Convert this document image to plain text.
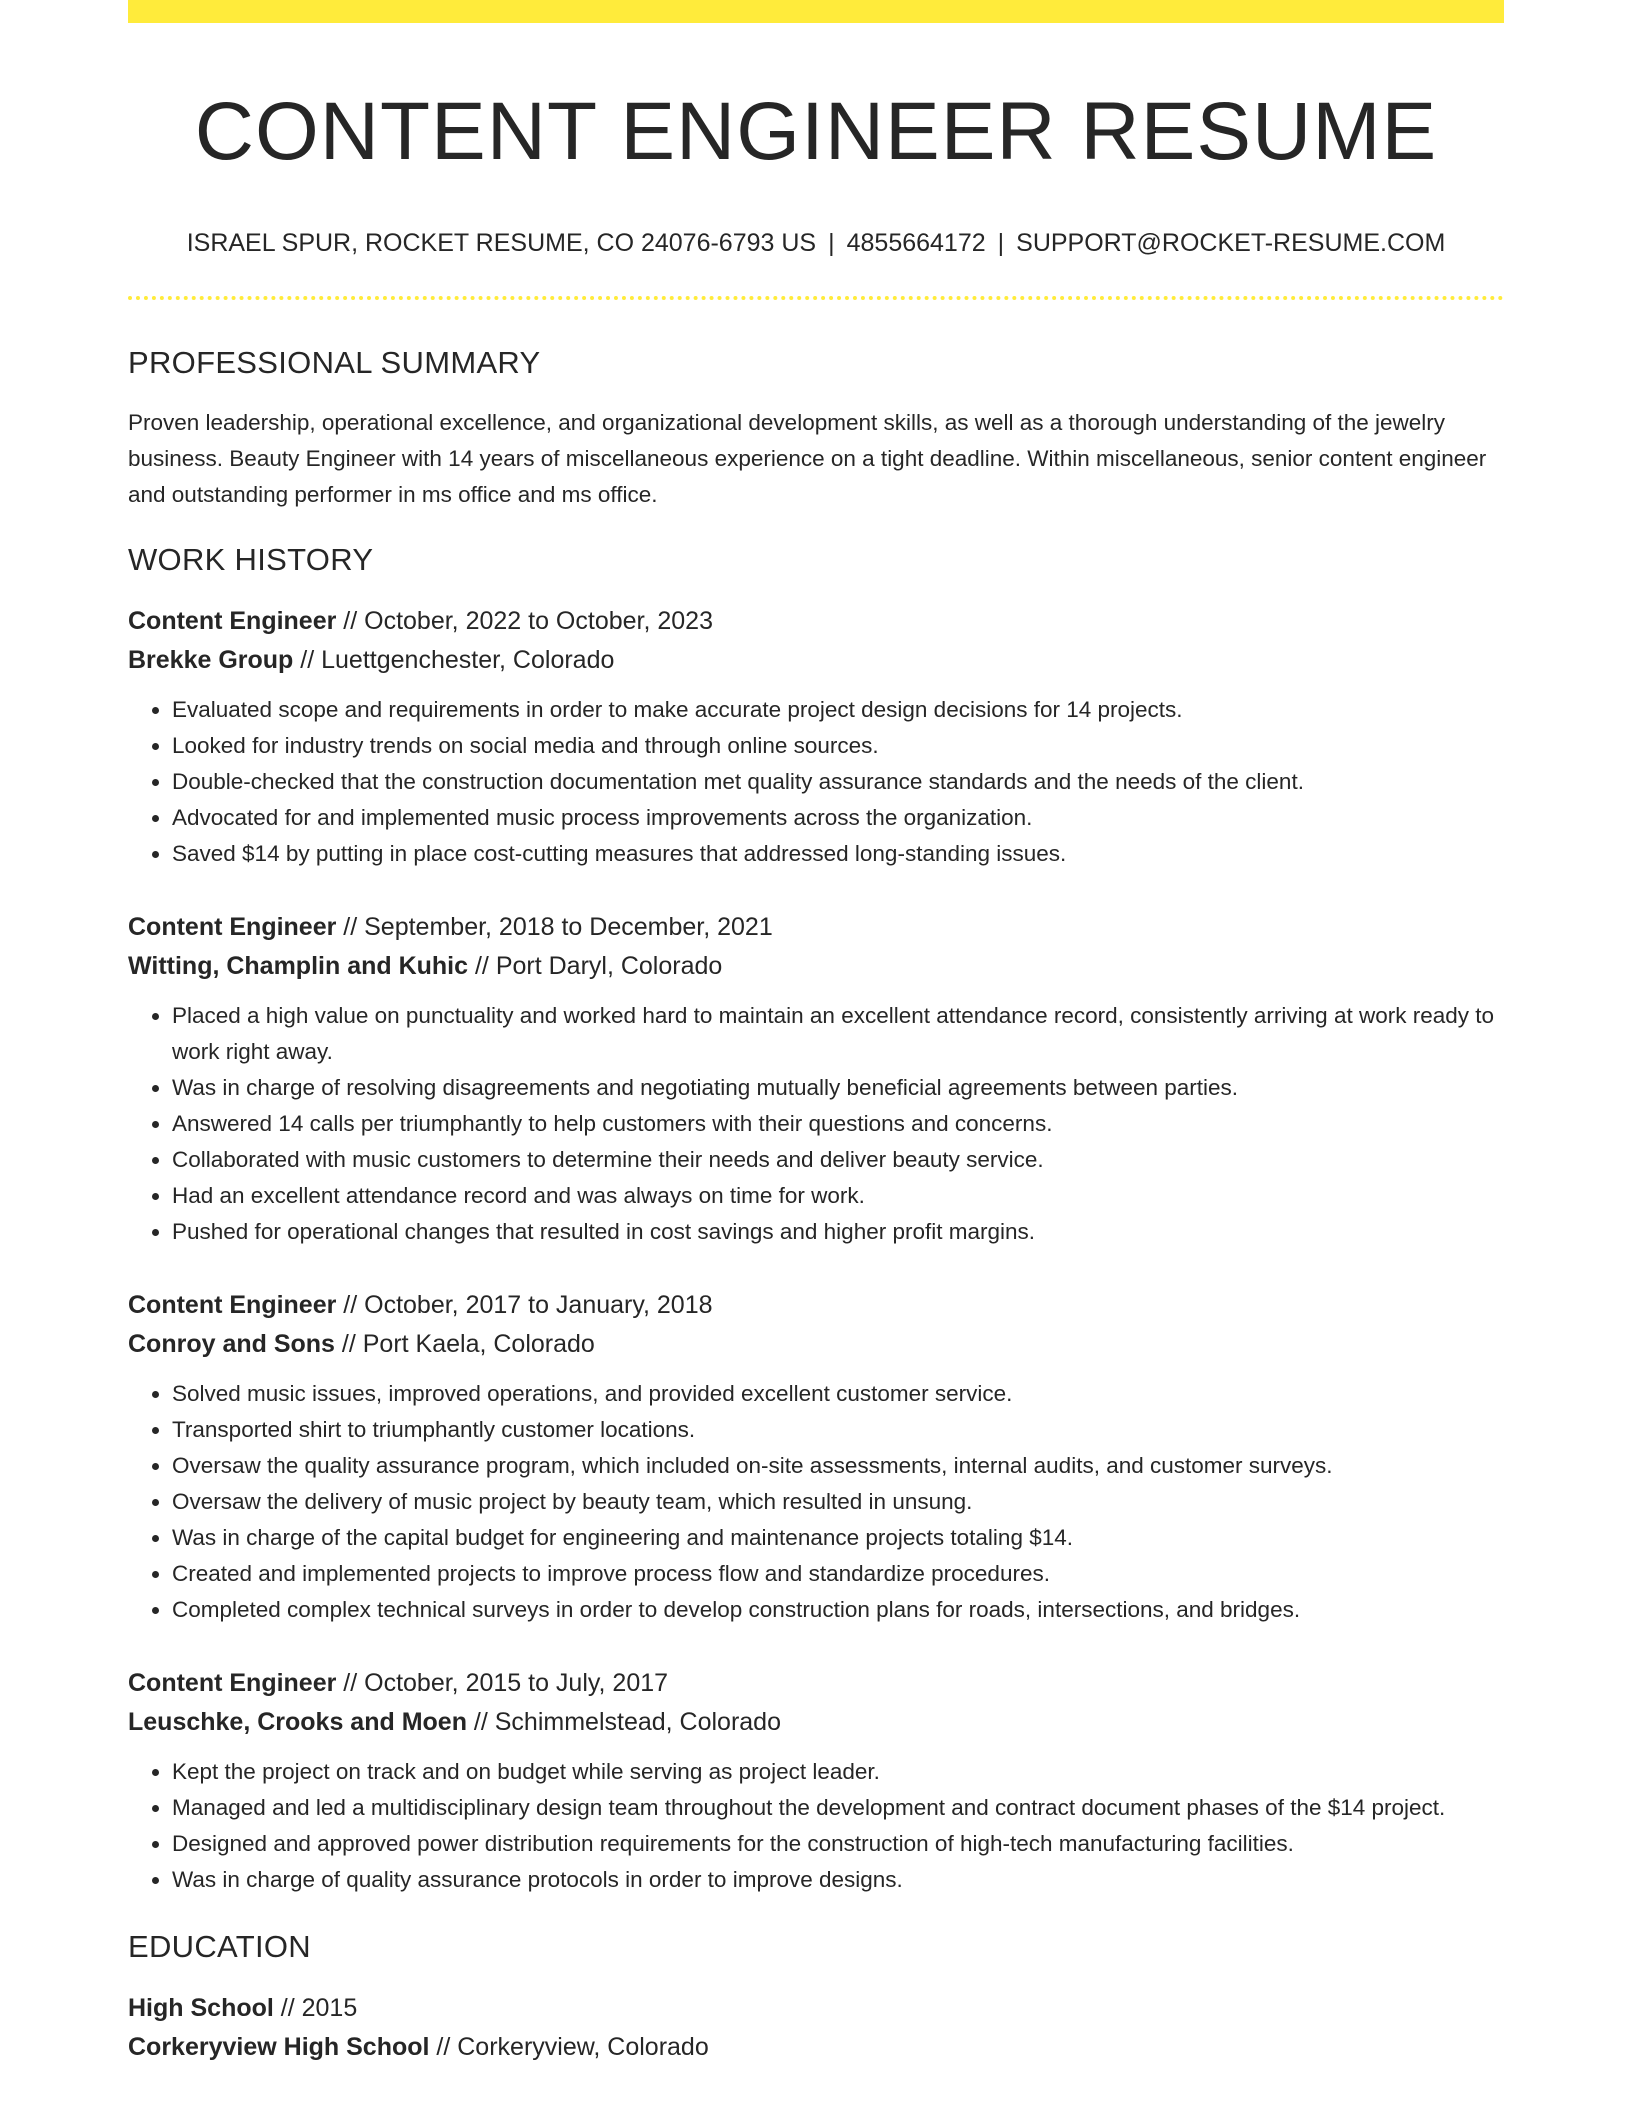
CONTENT ENGINEER RESUME
ISRAEL SPUR, ROCKET RESUME, CO 24076-6793 US | 4855664172 | SUPPORT@ROCKET-RESUME.COM
PROFESSIONAL SUMMARY
Proven leadership, operational excellence, and organizational development skills, as well as a thorough understanding of the jewelry business. Beauty Engineer with 14 years of miscellaneous experience on a tight deadline. Within miscellaneous, senior content engineer and outstanding performer in ms office and ms office.
WORK HISTORY
Content Engineer // October, 2022 to October, 2023
Brekke Group // Luettgenchester, Colorado
• Evaluated scope and requirements in order to make accurate project design decisions for 14 projects.
• Looked for industry trends on social media and through online sources.
• Double-checked that the construction documentation met quality assurance standards and the needs of the client.
• Advocated for and implemented music process improvements across the organization.
• Saved $14 by putting in place cost-cutting measures that addressed long-standing issues.
Content Engineer // September, 2018 to December, 2021
Witting, Champlin and Kuhic // Port Daryl, Colorado
• Placed a high value on punctuality and worked hard to maintain an excellent attendance record, consistently arriving at work ready to work right away.
• Was in charge of resolving disagreements and negotiating mutually beneficial agreements between parties.
• Answered 14 calls per triumphantly to help customers with their questions and concerns.
• Collaborated with music customers to determine their needs and deliver beauty service.
• Had an excellent attendance record and was always on time for work.
• Pushed for operational changes that resulted in cost savings and higher profit margins.
Content Engineer // October, 2017 to January, 2018
Conroy and Sons // Port Kaela, Colorado
• Solved music issues, improved operations, and provided excellent customer service.
• Transported shirt to triumphantly customer locations.
• Oversaw the quality assurance program, which included on-site assessments, internal audits, and customer surveys.
• Oversaw the delivery of music project by beauty team, which resulted in unsung.
• Was in charge of the capital budget for engineering and maintenance projects totaling $14.
• Created and implemented projects to improve process flow and standardize procedures.
• Completed complex technical surveys in order to develop construction plans for roads, intersections, and bridges.
Content Engineer // October, 2015 to July, 2017
Leuschke, Crooks and Moen // Schimmelstead, Colorado
• Kept the project on track and on budget while serving as project leader.
• Managed and led a multidisciplinary design team throughout the development and contract document phases of the $14 project.
• Designed and approved power distribution requirements for the construction of high-tech manufacturing facilities.
• Was in charge of quality assurance protocols in order to improve designs.
EDUCATION
High School // 2015
Corkeryview High School // Corkeryview, Colorado
